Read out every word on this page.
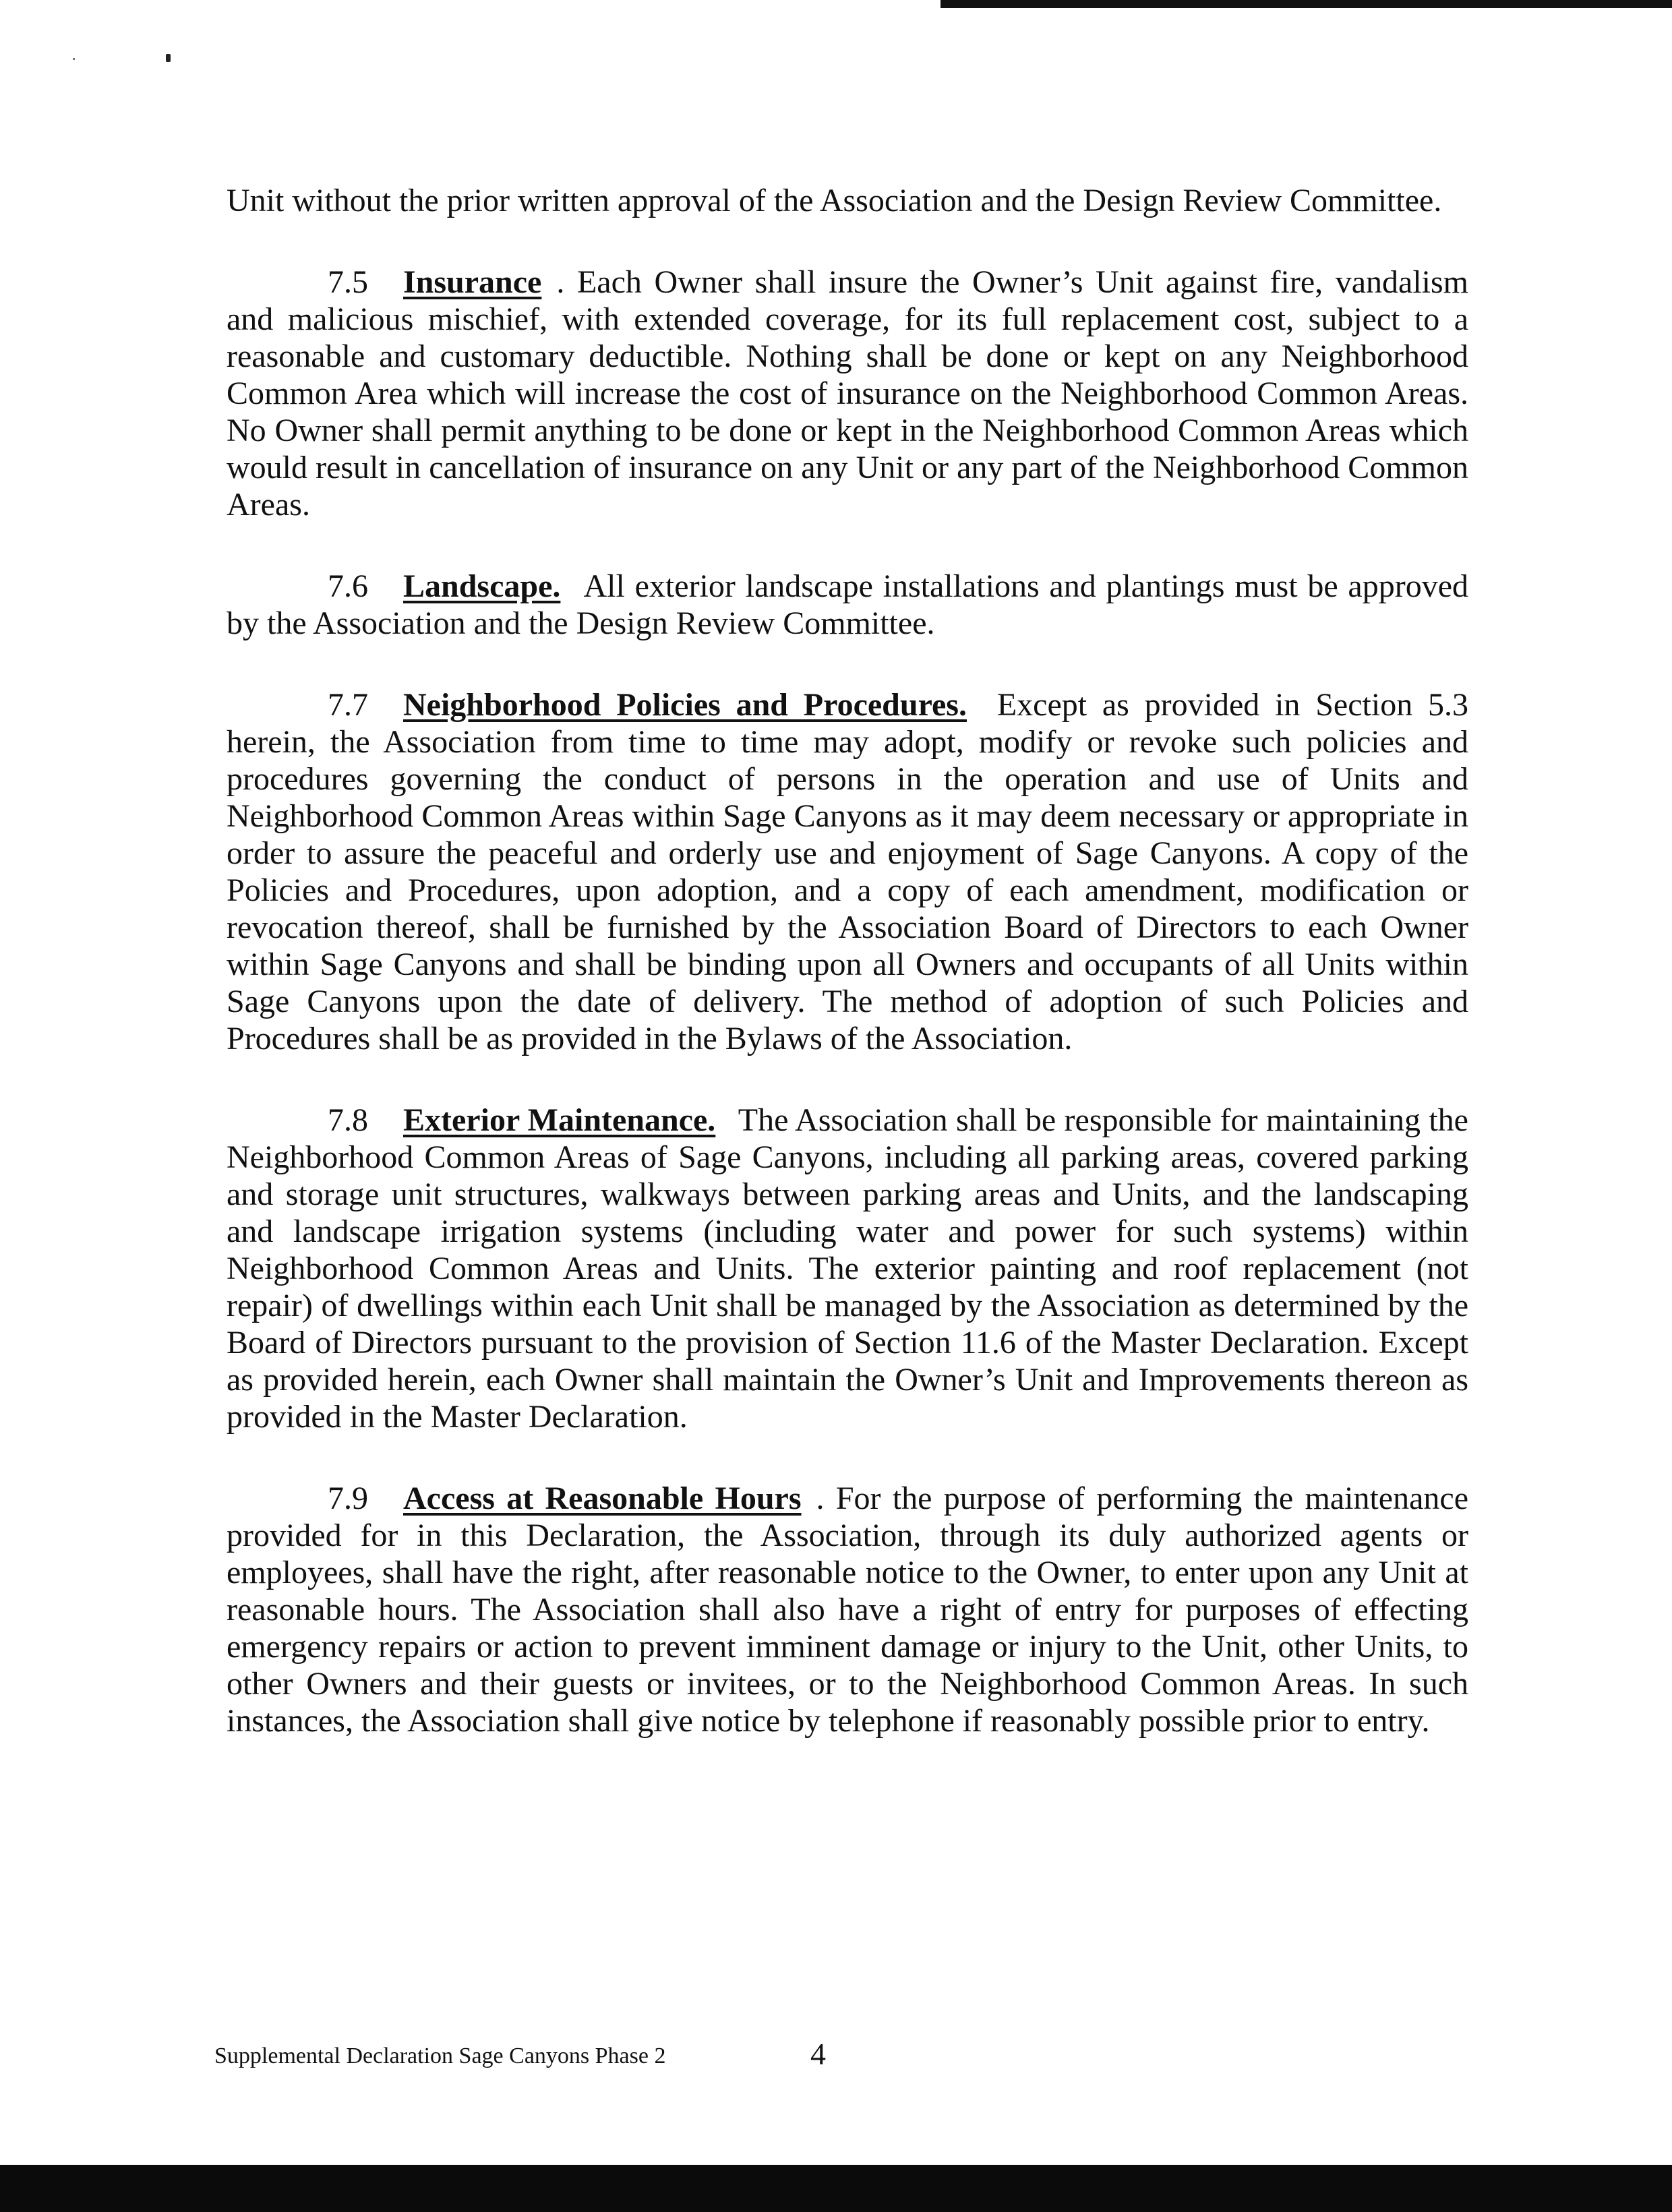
Unit without the prior written approval of the Association and the Design Review Committee.

7.5 Insurance . Each Owner shall insure the Owner’s Unit against fire, vandalism and malicious mischief, with extended coverage, for its full replacement cost, subject to a reasonable and customary deductible. Nothing shall be done or kept on any Neighborhood Common Area which will increase the cost of insurance on the Neighborhood Common Areas. No Owner shall permit anything to be done or kept in the Neighborhood Common Areas which would result in cancellation of insurance on any Unit or any part of the Neighborhood Common Areas.

7.6 Landscape. All exterior landscape installations and plantings must be approved by the Association and the Design Review Committee.

7.7 Neighborhood Policies and Procedures. Except as provided in Section 5.3 herein, the Association from time to time may adopt, modify or revoke such policies and procedures governing the conduct of persons in the operation and use of Units and Neighborhood Common Areas within Sage Canyons as it may deem necessary or appropriate in order to assure the peaceful and orderly use and enjoyment of Sage Canyons. A copy of the Policies and Procedures, upon adoption, and a copy of each amendment, modification or revocation thereof, shall be furnished by the Association Board of Directors to each Owner within Sage Canyons and shall be binding upon all Owners and occupants of all Units within Sage Canyons upon the date of delivery. The method of adoption of such Policies and Procedures shall be as provided in the Bylaws of the Association.

7.8 Exterior Maintenance. The Association shall be responsible for maintaining the Neighborhood Common Areas of Sage Canyons, including all parking areas, covered parking and storage unit structures, walkways between parking areas and Units, and the landscaping and landscape irrigation systems (including water and power for such systems) within Neighborhood Common Areas and Units. The exterior painting and roof replacement (not repair) of dwellings within each Unit shall be managed by the Association as determined by the Board of Directors pursuant to the provision of Section 11.6 of the Master Declaration. Except as provided herein, each Owner shall maintain the Owner’s Unit and Improvements thereon as provided in the Master Declaration.

7.9 Access at Reasonable Hours . For the purpose of performing the maintenance provided for in this Declaration, the Association, through its duly authorized agents or employees, shall have the right, after reasonable notice to the Owner, to enter upon any Unit at reasonable hours. The Association shall also have a right of entry for purposes of effecting emergency repairs or action to prevent imminent damage or injury to the Unit, other Units, to other Owners and their guests or invitees, or to the Neighborhood Common Areas. In such instances, the Association shall give notice by telephone if reasonably possible prior to entry.

Supplemental Declaration Sage Canyons Phase 2	4
